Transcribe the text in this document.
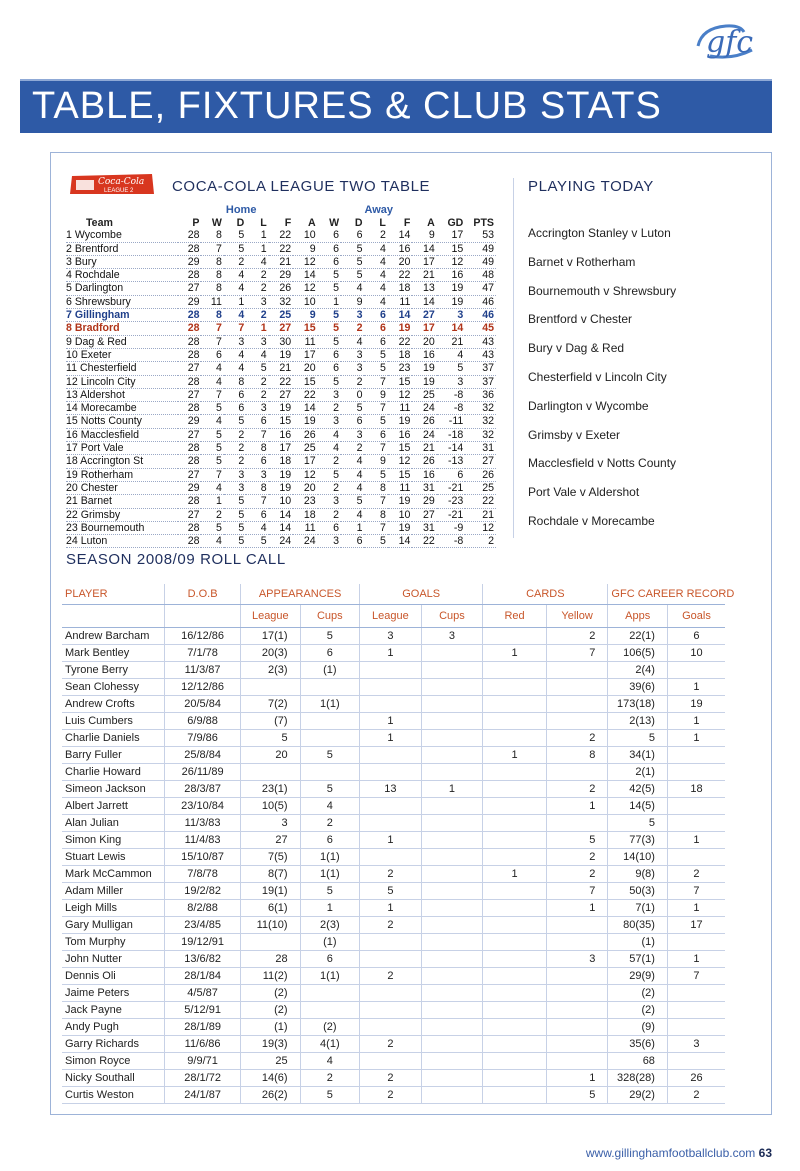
gfc
TABLE, FIXTURES & CLUB STATS
Coca-Cola
LEAGUE 2	COCA-COLA LEAGUE TWO TABLE	PLAYING TODAY
			Home						Away				
Team	P	W	D	L	F	A	W	D	L	F	A	GD	PTS
1 Wycombe	28	8	5	1	22	10	6	6	2	14	9	17	53
2 Brentford	28	7	5	1	22	9	6	5	4	16	14	15	49
3 Bury	29	8	2	4	21	12	6	5	4	20	17	12	49
4 Rochdale	28	8	4	2	29	14	5	5	4	22	21	16	48
5 Darlington	27	8	4	2	26	12	5	4	4	18	13	19	47
6 Shrewsbury	29	11	1	3	32	10	1	9	4	11	14	19	46
7 Gillingham	28	8	4	2	25	9	5	3	6	14	27	3	46
8 Bradford	28	7	7	1	27	15	5	2	6	19	17	14	45
9 Dag & Red	28	7	3	3	30	11	5	4	6	22	20	21	43
10 Exeter	28	6	4	4	19	17	6	3	5	18	16	4	43
11 Chesterfield	27	4	4	5	21	20	6	3	5	23	19	5	37
12 Lincoln City	28	4	8	2	22	15	5	2	7	15	19	3	37
13 Aldershot	27	7	6	2	27	22	3	0	9	12	25	-8	36
14 Morecambe	28	5	6	3	19	14	2	5	7	11	24	-8	32
15 Notts County	29	4	5	6	15	19	3	6	5	19	26	-11	32
16 Macclesfield	27	5	2	7	16	26	4	3	6	16	24	-18	32
17 Port Vale	28	5	2	8	17	25	4	2	7	15	21	-14	31
18 Accrington St	28	5	2	6	18	17	2	4	9	12	26	-13	27
19 Rotherham	27	7	3	3	19	12	5	4	5	15	16	6	26
20 Chester	29	4	3	8	19	20	2	4	8	11	31	-21	25
21 Barnet	28	1	5	7	10	23	3	5	7	19	29	-23	22
22 Grimsby	27	2	5	6	14	18	2	4	8	10	27	-21	21
23 Bournemouth	28	5	5	4	14	11	6	1	7	19	31	-9	12
24 Luton	28	4	5	5	24	24	3	6	5	14	22	-8	2
Accrington Stanley v Luton
Barnet v Rotherham
Bournemouth v Shrewsbury
Brentford v Chester
Bury v Dag & Red
Chesterfield v Lincoln City
Darlington v Wycombe
Grimsby v Exeter
Macclesfield v Notts County
Port Vale v Aldershot
Rochdale v Morecambe
SEASON 2008/09 ROLL CALL
PLAYER	D.O.B	APPEARANCES		GOALS		CARDS		GFC CAREER RECORD	
		League	Cups	League	Cups	Red	Yellow	Apps	Goals
Andrew Barcham	16/12/86	17(1)	5	3	3		2	22(1)	6
Mark Bentley	7/1/78	20(3)	6	1		1	7	106(5)	10
Tyrone Berry	11/3/87	2(3)	(1)					2(4)	
Sean Clohessy	12/12/86							39(6)	1
Andrew Crofts	20/5/84	7(2)	1(1)					173(18)	19
Luis Cumbers	6/9/88	(7)		1				2(13)	1
Charlie Daniels	7/9/86	5		1			2	5	1
Barry Fuller	25/8/84	20	5			1	8	34(1)	
Charlie Howard	26/11/89							2(1)	
Simeon Jackson	28/3/87	23(1)	5	13	1		2	42(5)	18
Albert Jarrett	23/10/84	10(5)	4				1	14(5)	
Alan Julian	11/3/83	3	2					5	
Simon King	11/4/83	27	6	1			5	77(3)	1
Stuart Lewis	15/10/87	7(5)	1(1)				2	14(10)	
Mark McCammon	7/8/78	8(7)	1(1)	2		1	2	9(8)	2
Adam Miller	19/2/82	19(1)	5	5			7	50(3)	7
Leigh Mills	8/2/88	6(1)	1	1			1	7(1)	1
Gary Mulligan	23/4/85	11(10)	2(3)	2				80(35)	17
Tom Murphy	19/12/91		(1)					(1)	
John Nutter	13/6/82	28	6				3	57(1)	1
Dennis Oli	28/1/84	11(2)	1(1)	2				29(9)	7
Jaime Peters	4/5/87	(2)						(2)	
Jack Payne	5/12/91	(2)						(2)	
Andy Pugh	28/1/89	(1)	(2)					(9)	
Garry Richards	11/6/86	19(3)	4(1)	2				35(6)	3
Simon Royce	9/9/71	25	4					68	
Nicky Southall	28/1/72	14(6)	2	2			1	328(28)	26
Curtis Weston	24/1/87	26(2)	5	2			5	29(2)	2
www.gillinghamfootballclub.com 63
